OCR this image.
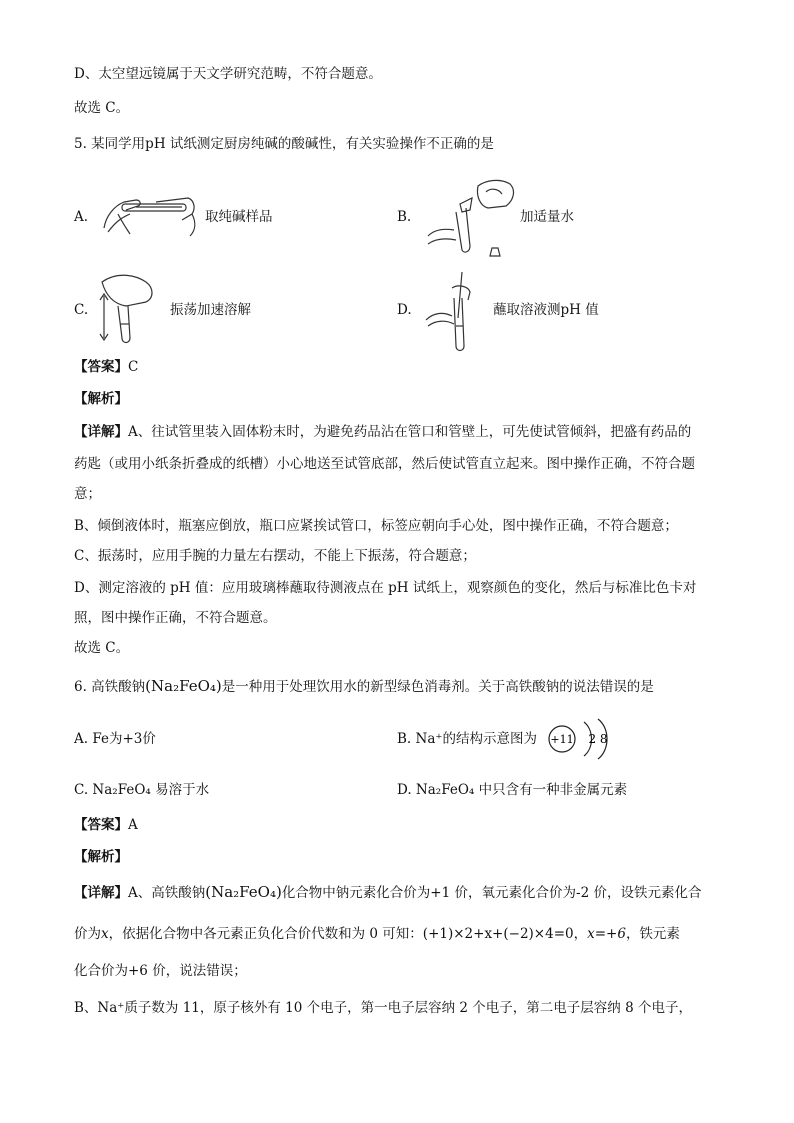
D、太空望远镜属于天文学研究范畴，不符合题意。
故选 C。
5. 某同学用pH 试纸测定厨房纯碱的酸碱性，有关实验操作不正确的是
A.	取纯碱样品	B.	加适量水
C.	振荡加速溶解	D.	蘸取溶液测pH 值
【答案】C
【解析】
【详解】A、往试管里装入固体粉末时，为避免药品沾在管口和管壁上，可先使试管倾斜，把盛有药品的
药匙（或用小纸条折叠成的纸槽）小心地送至试管底部，然后使试管直立起来。图中操作正确，不符合题
意；
B、倾倒液体时，瓶塞应倒放，瓶口应紧挨试管口，标签应朝向手心处，图中操作正确，不符合题意；
C、振荡时，应用手腕的力量左右摆动，不能上下振荡，符合题意；
D、测定溶液的 pH 值：应用玻璃棒蘸取待测液点在 pH 试纸上，观察颜色的变化，然后与标准比色卡对
照，图中操作正确，不符合题意。
故选 C。
6. 高铁酸钠(Na₂FeO₄)是一种用于处理饮用水的新型绿色消毒剂。关于高铁酸钠的说法错误的是
A. Fe为+3价	B. Na⁺的结构示意图为 +11 2 8
C. Na₂FeO₄ 易溶于水	D. Na₂FeO₄ 中只含有一种非金属元素
【答案】A
【解析】
【详解】A、高铁酸钠(Na₂FeO₄)化合物中钠元素化合价为+1 价，氧元素化合价为-2 价，设铁元素化合
价为x，依据化合物中各元素正负化合价代数和为 0 可知：(+1)×2+x+(−2)×4=0，x=+6，铁元素
化合价为+6 价，说法错误；
B、Na⁺质子数为 11，原子核外有 10 个电子，第一电子层容纳 2 个电子，第二电子层容纳 8 个电子，
